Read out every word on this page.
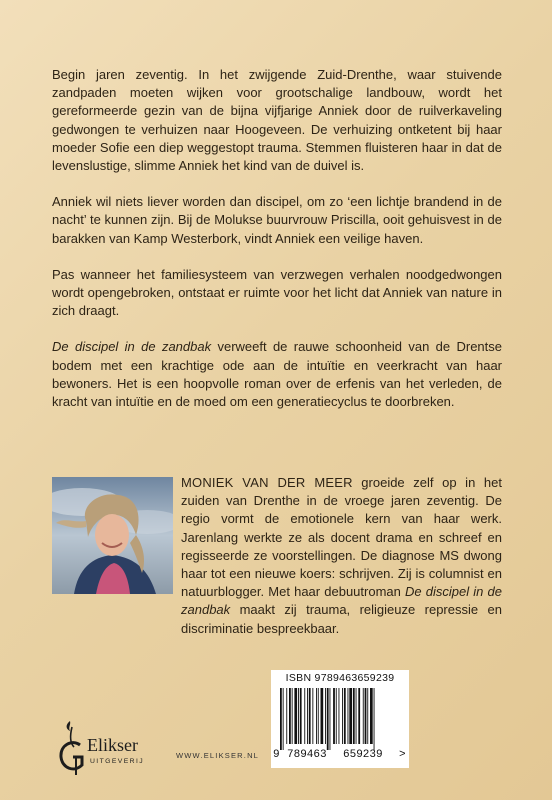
Begin jaren zeventig. In het zwijgende Zuid-Drenthe, waar stuivende zandpaden moeten wijken voor grootschalige landbouw, wordt het gereformeerde gezin van de bijna vijfjarige Anniek door de ruilverkaveling gedwongen te verhuizen naar Hoogeveen. De verhuizing ontketent bij haar moeder Sofie een diep weggestopt trauma. Stemmen fluisteren haar in dat de levenslustige, slimme Anniek het kind van de duivel is.

Anniek wil niets liever worden dan discipel, om zo ‘een lichtje brandend in de nacht’ te kunnen zijn. Bij de Molukse buurvrouw Priscilla, ooit gehuisvest in de barakken van Kamp Westerbork, vindt Anniek een veilige haven.

Pas wanneer het familiesysteem van verzwegen verhalen noodgedwongen wordt opengebroken, ontstaat er ruimte voor het licht dat Anniek van nature in zich draagt.

De discipel in de zandbak verweeft de rauwe schoonheid van de Drentse bodem met een krachtige ode aan de intuïtie en veerkracht van haar bewoners. Het is een hoopvolle roman over de erfenis van het verleden, de kracht van intuïtie en de moed om een generatiecyclus te doorbreken.

MONIEK VAN DER MEER groeide zelf op in het zuiden van Drenthe in de vroege jaren zeventig. De regio vormt de emotionele kern van haar werk. Jarenlang werkte ze als docent drama en schreef en regisseerde ze voorstellingen. De diagnose MS dwong haar tot een nieuwe koers: schrijven. Zij is columnist en natuurblogger. Met haar debuutroman De discipel in de zandbak maakt zij trauma, religieuze repressie en discriminatie bespreekbaar.
ISBN 9789463659239
9 789463 659239 >
Elikser
UITGEVERIJ
WWW.ELIKSER.NL
